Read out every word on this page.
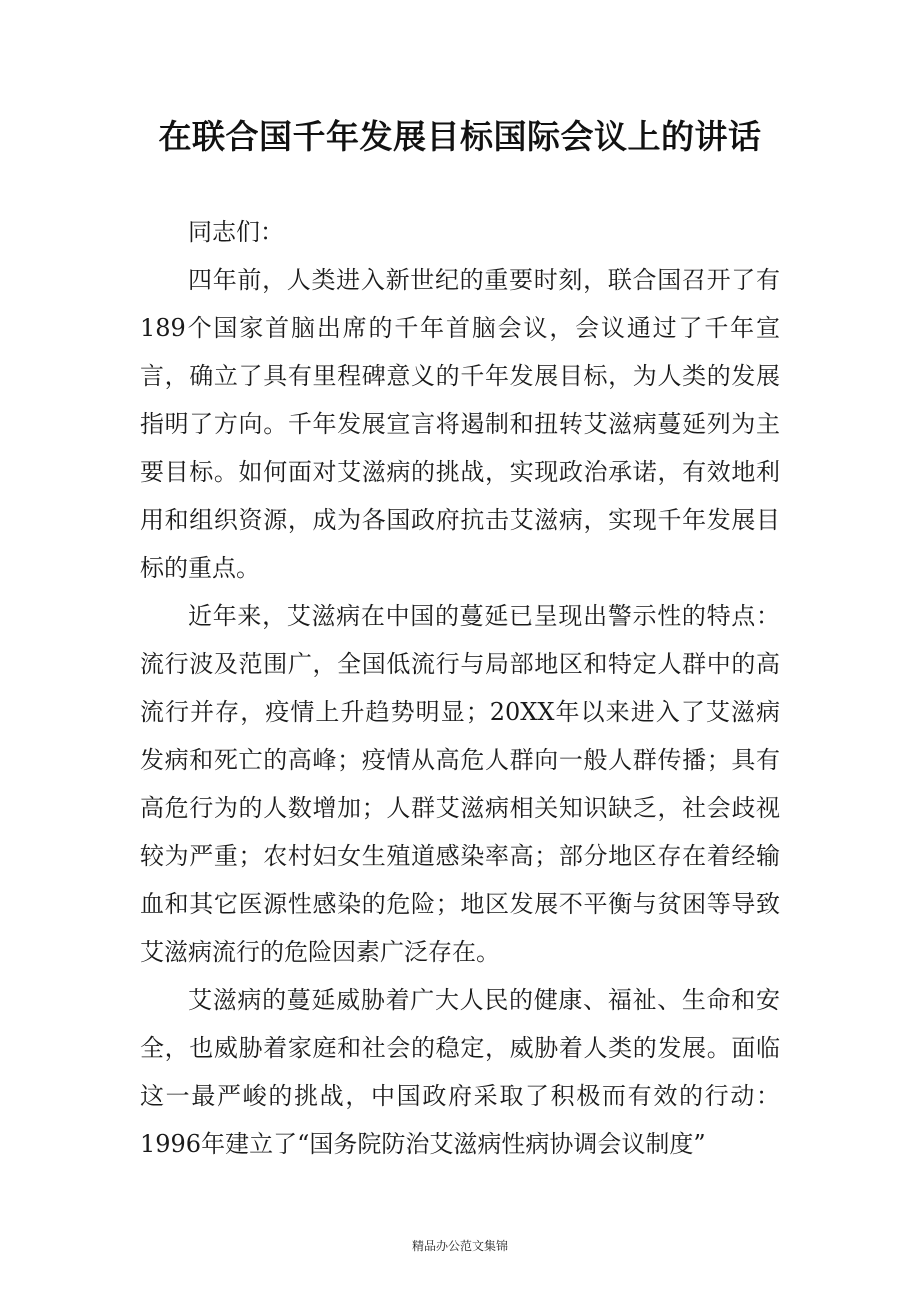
在联合国千年发展目标国际会议上的讲话
同志们：

四年前，人类进入新世纪的重要时刻，联合国召开了有189个国家首脑出席的千年首脑会议，会议通过了千年宣言，确立了具有里程碑意义的千年发展目标，为人类的发展指明了方向。千年发展宣言将遏制和扭转艾滋病蔓延列为主要目标。如何面对艾滋病的挑战，实现政治承诺，有效地利用和组织资源，成为各国政府抗击艾滋病，实现千年发展目标的重点。

近年来，艾滋病在中国的蔓延已呈现出警示性的特点：流行波及范围广，全国低流行与局部地区和特定人群中的高流行并存，疫情上升趋势明显；20XX年以来进入了艾滋病发病和死亡的高峰；疫情从高危人群向一般人群传播；具有高危行为的人数增加；人群艾滋病相关知识缺乏，社会歧视较为严重；农村妇女生殖道感染率高；部分地区存在着经输血和其它医源性感染的危险；地区发展不平衡与贫困等导致艾滋病流行的危险因素广泛存在。

艾滋病的蔓延威胁着广大人民的健康、福祉、生命和安全，也威胁着家庭和社会的稳定，威胁着人类的发展。面临这一最严峻的挑战，中国政府采取了积极而有效的行动：1996年建立了“国务院防治艾滋病性病协调会议制度”

精品办公范文集锦
